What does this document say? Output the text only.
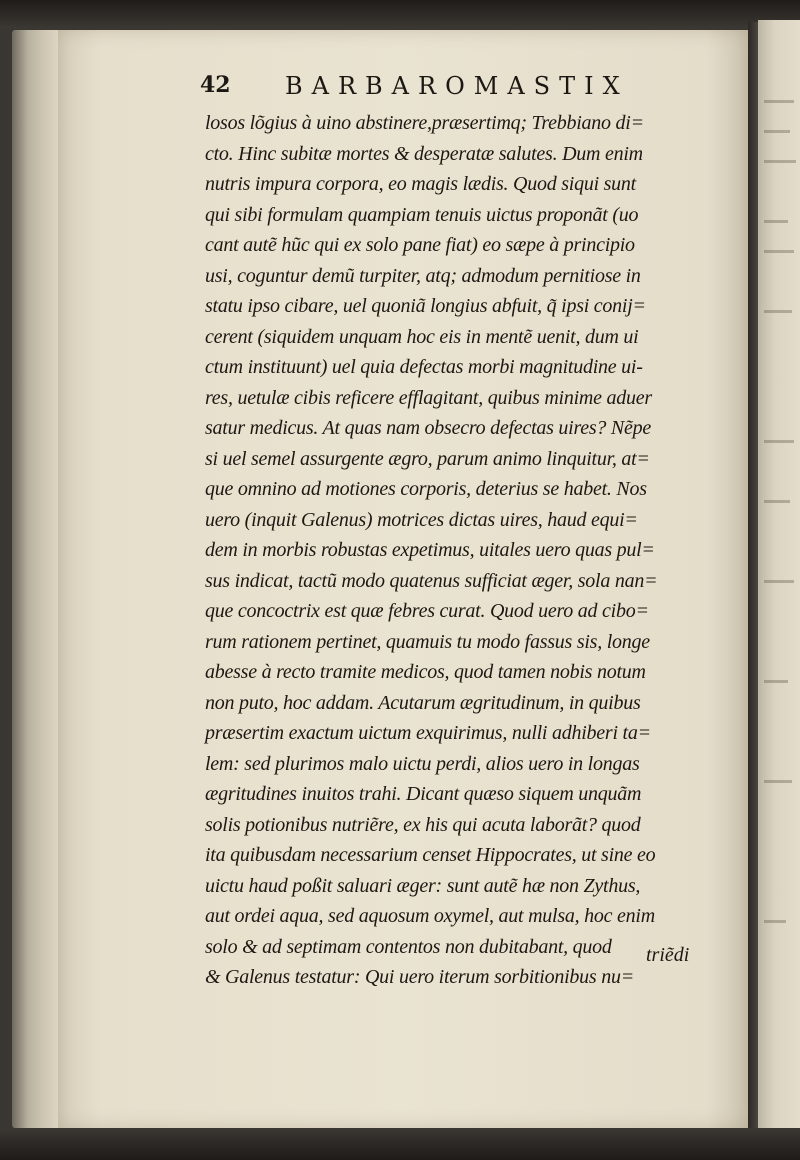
42 BARBAROMASTIX
losos lõgius à uino abstinere,præsertimq; Trebbiano di=
cto. Hinc subitæ mortes & desperatæ salutes. Dum enim
nutris impura corpora, eo magis lædis. Quod siqui sunt
qui sibi formulam quampiam tenuis uictus proponãt (uo
cant autẽ hũc qui ex solo pane fiat) eo sæpe à principio
usi, coguntur demũ turpiter, atq; admodum pernitiose in
statu ipso cibare, uel quoniã longius abfuit, q̃ ipsi conij=
cerent (siquidem unquam hoc eis in mentẽ uenit, dum ui
ctum instituunt) uel quia defectas morbi magnitudine ui-
res, uetulæ cibis reficere efflagitant, quibus minime aduer
satur medicus. At quas nam obsecro defectas uires? Nẽpe
si uel semel assurgente ægro, parum animo linquitur, at=
que omnino ad motiones corporis, deterius se habet. Nos
uero (inquit Galenus) motrices dictas uires, haud equi=
dem in morbis robustas expetimus, uitales uero quas pul=
sus indicat, tactũ modo quatenus sufficiat æger, sola nan=
que concoctrix est quæ febres curat. Quod uero ad cibo=
rum rationem pertinet, quamuis tu modo fassus sis, longe
abesse à recto tramite medicos, quod tamen nobis notum
non puto, hoc addam. Acutarum ægritudinum, in quibus
præsertim exactum uictum exquirimus, nulli adhiberi ta=
lem: sed plurimos malo uictu perdi, alios uero in longas
ægritudines inuitos trahi. Dicant quæso siquem unquãm
solis potionibus nutriẽre, ex his qui acuta laborãt? quod
ita quibusdam necessarium censet Hippocrates, ut sine eo
uictu haud poßit saluari æger: sunt autẽ hæ non Zythus,
aut ordei aqua, sed aquosum oxymel, aut mulsa, hoc enim
solo & ad septimam contentos non dubitabant, quod
& Galenus testatur: Qui uero iterum sorbitionibus nu=
triẽdi
